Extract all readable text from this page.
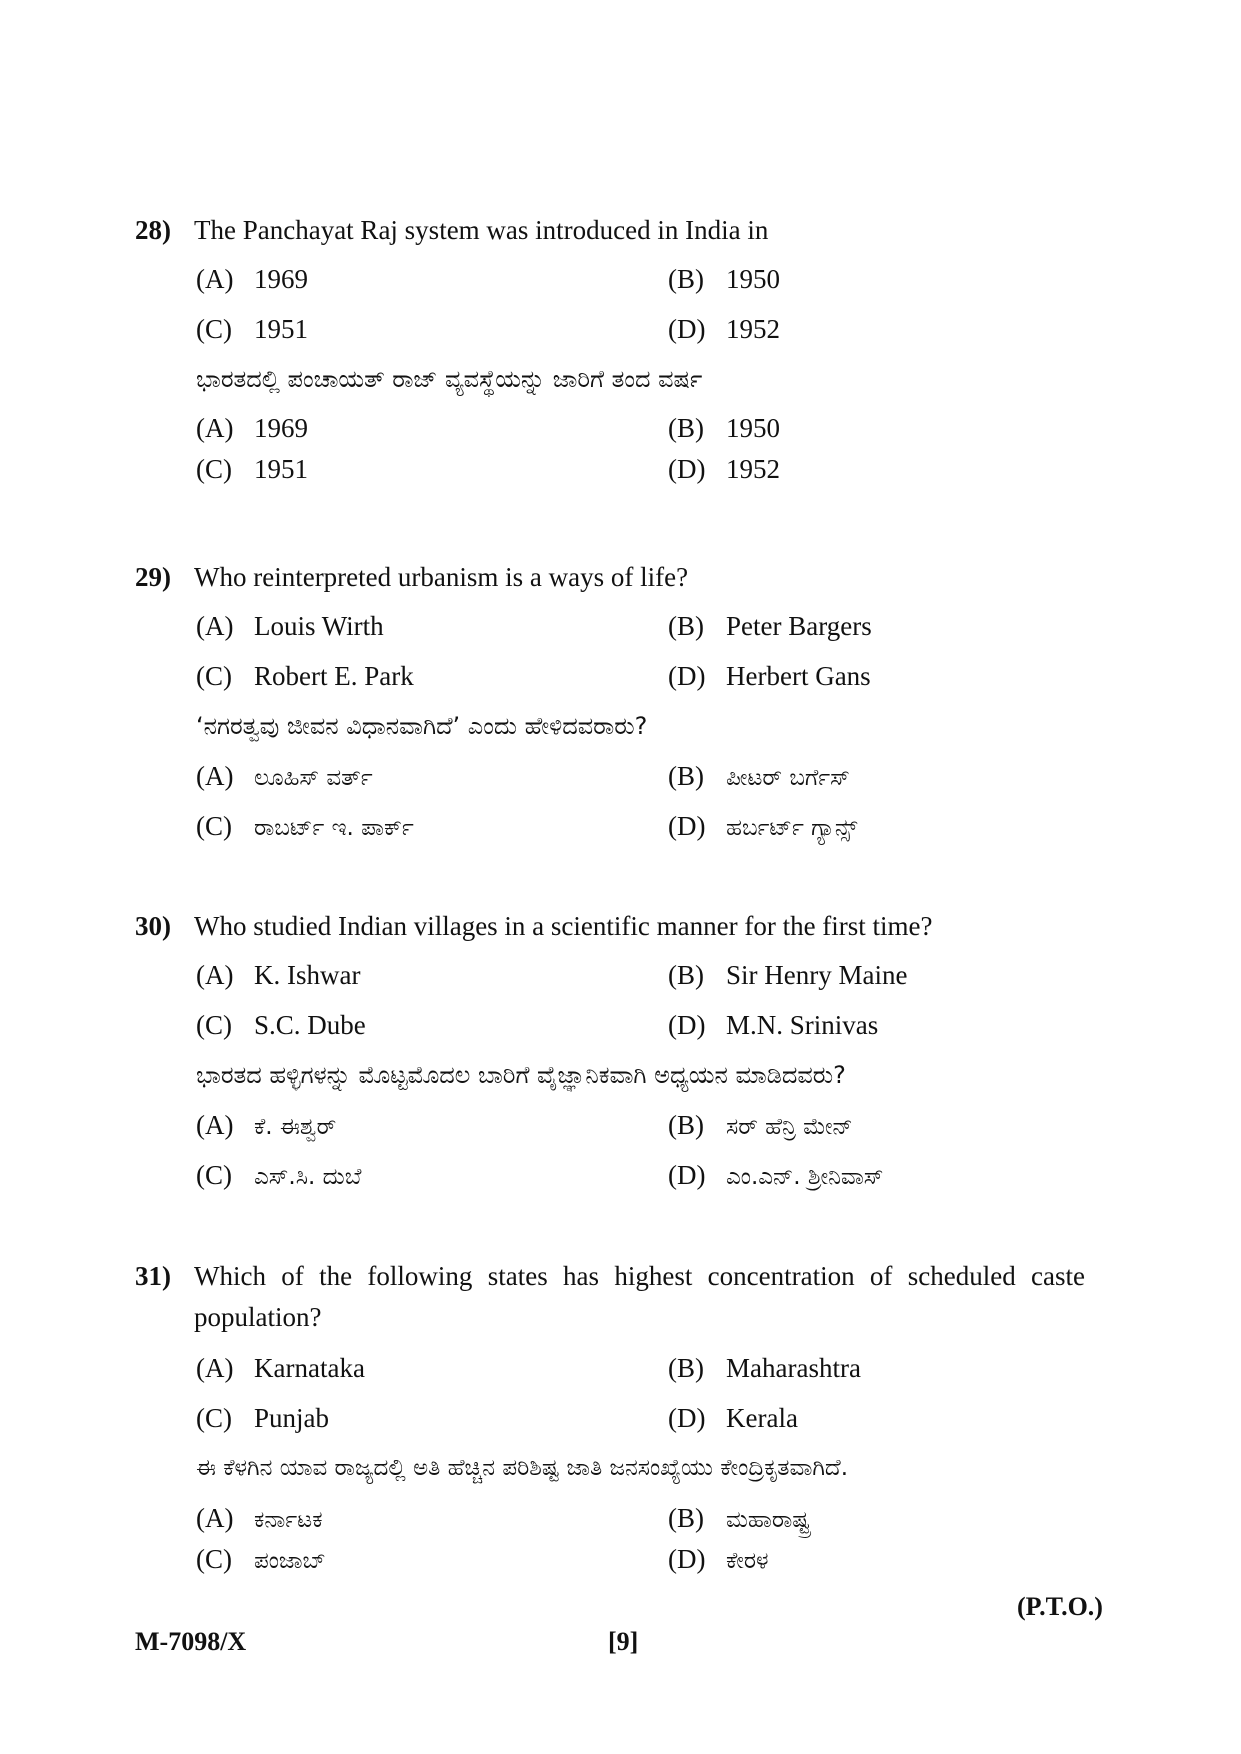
28) The Panchayat Raj system was introduced in India in
(A) 1969	(B) 1950
(C) 1951	(D) 1952
ಭಾರತದಲ್ಲಿ ಪಂಚಾಯತ್ ರಾಜ್ ವ್ಯವಸ್ಥೆಯನ್ನು ಜಾರಿಗೆ ತಂದ ವರ್ಷ
(A) 1969	(B) 1950
(C) 1951	(D) 1952
29) Who reinterpreted urbanism is a ways of life?
(A) Louis Wirth	(B) Peter Bargers
(C) Robert E. Park	(D) Herbert Gans
‘ನಗರತ್ವವು ಜೀವನ ವಿಧಾನವಾಗಿದೆ’ ಎಂದು ಹೇಳಿದವರಾರು?
(A) ಲೂಹಿಸ್ ವರ್ತ್	(B) ಪೀಟರ್ ಬರ್ಗೆಸ್
(C) ರಾಬರ್ಟ್ ಇ. ಪಾರ್ಕ್	(D) ಹರ್ಬರ್ಟ್ ಗ್ಯಾನ್ಸ್
30) Who studied Indian villages in a scientific manner for the first time?
(A) K. Ishwar	(B) Sir Henry Maine
(C) S.C. Dube	(D) M.N. Srinivas
ಭಾರತದ ಹಳ್ಳಿಗಳನ್ನು ಮೊಟ್ಟಮೊದಲ ಬಾರಿಗೆ ವೈಜ್ಞಾನಿಕವಾಗಿ ಅಧ್ಯಯನ ಮಾಡಿದವರು?
(A) ಕೆ. ಈಶ್ವರ್	(B) ಸರ್ ಹೆನ್ರಿ ಮೇನ್
(C) ಎಸ್.ಸಿ. ದುಬೆ	(D) ಎಂ.ಎನ್. ಶ್ರೀನಿವಾಸ್
31) Which of the following states has highest concentration of scheduled caste population?
(A) Karnataka	(B) Maharashtra
(C) Punjab	(D) Kerala
ಈ ಕೆಳಗಿನ ಯಾವ ರಾಜ್ಯದಲ್ಲಿ ಅತಿ ಹೆಚ್ಚಿನ ಪರಿಶಿಷ್ಟ ಜಾತಿ ಜನಸಂಖ್ಯೆಯು ಕೇಂದ್ರಿಕೃತವಾಗಿದೆ.
(A) ಕರ್ನಾಟಕ	(B) ಮಹಾರಾಷ್ಟ್ರ
(C) ಪಂಜಾಬ್	(D) ಕೇರಳ
(P.T.O.)
M-7098/X	[9]
